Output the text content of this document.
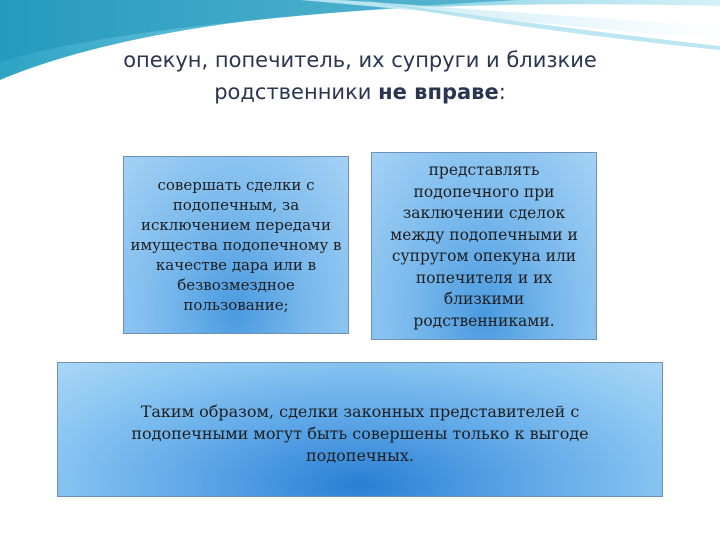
опекун, попечитель, их супруги и близкие
родственники не вправе:
совершать сделки с подопечным, за исключением передачи имущества подопечному в качестве дара или в безвозмездное пользование;
представлять подопечного при заключении сделок между подопечными и супругом опекуна или попечителя и их близкими родственниками.
Таким образом, сделки законных представителей с подопечными могут быть совершены только к выгоде подопечных.
